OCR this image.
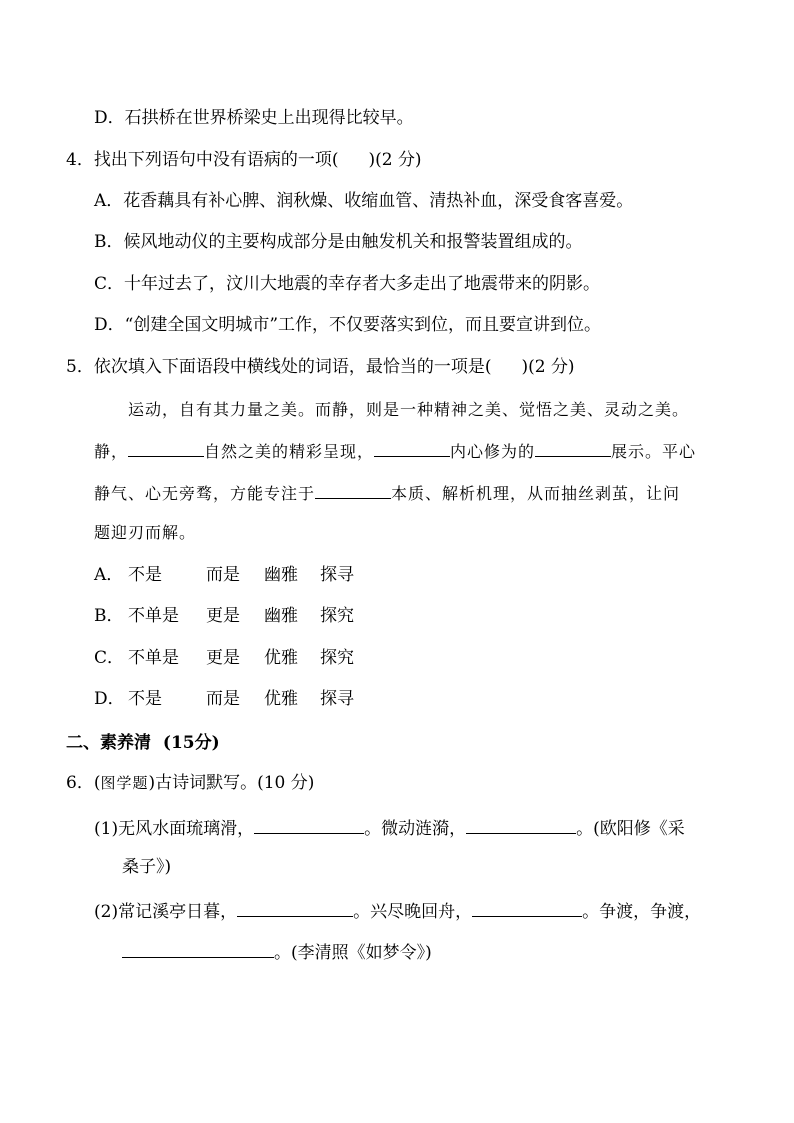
D．石拱桥在世界桥梁史上出现得比较早。
4．找出下列语句中没有语病的一项( )(2 分)
A．花香藕具有补心脾、润秋燥、收缩血管、清热补血，深受食客喜爱。
B．候风地动仪的主要构成部分是由触发机关和报警装置组成的。
C．十年过去了，汶川大地震的幸存者大多走出了地震带来的阴影。
D．“创建全国文明城市”工作，不仅要落实到位，而且要宣讲到位。
5．依次填入下面语段中横线处的词语，最恰当的一项是( )(2 分)
运动，自有其力量之美。而静，则是一种精神之美、觉悟之美、灵动之美。
静，	自然之美的精彩呈现，	内心修为的	展示。平心
静气、心无旁骛，方能专注于	本质、解析机理，从而抽丝剥茧，让问
题迎刃而解。
A． 不是	而是 幽雅 探寻
B． 不单是 更是 幽雅 探究
C． 不单是 更是 优雅 探究
D． 不是	而是 优雅 探寻
二、素养清 (15分)
6．(图学题)古诗词默写。(10 分)
(1)无风水面琉璃滑，	。微动涟漪，	。(欧阳修《采
桑子》)
(2)常记溪亭日暮，	。兴尽晚回舟，	。争渡，争渡，
。(李清照《如梦令》)
